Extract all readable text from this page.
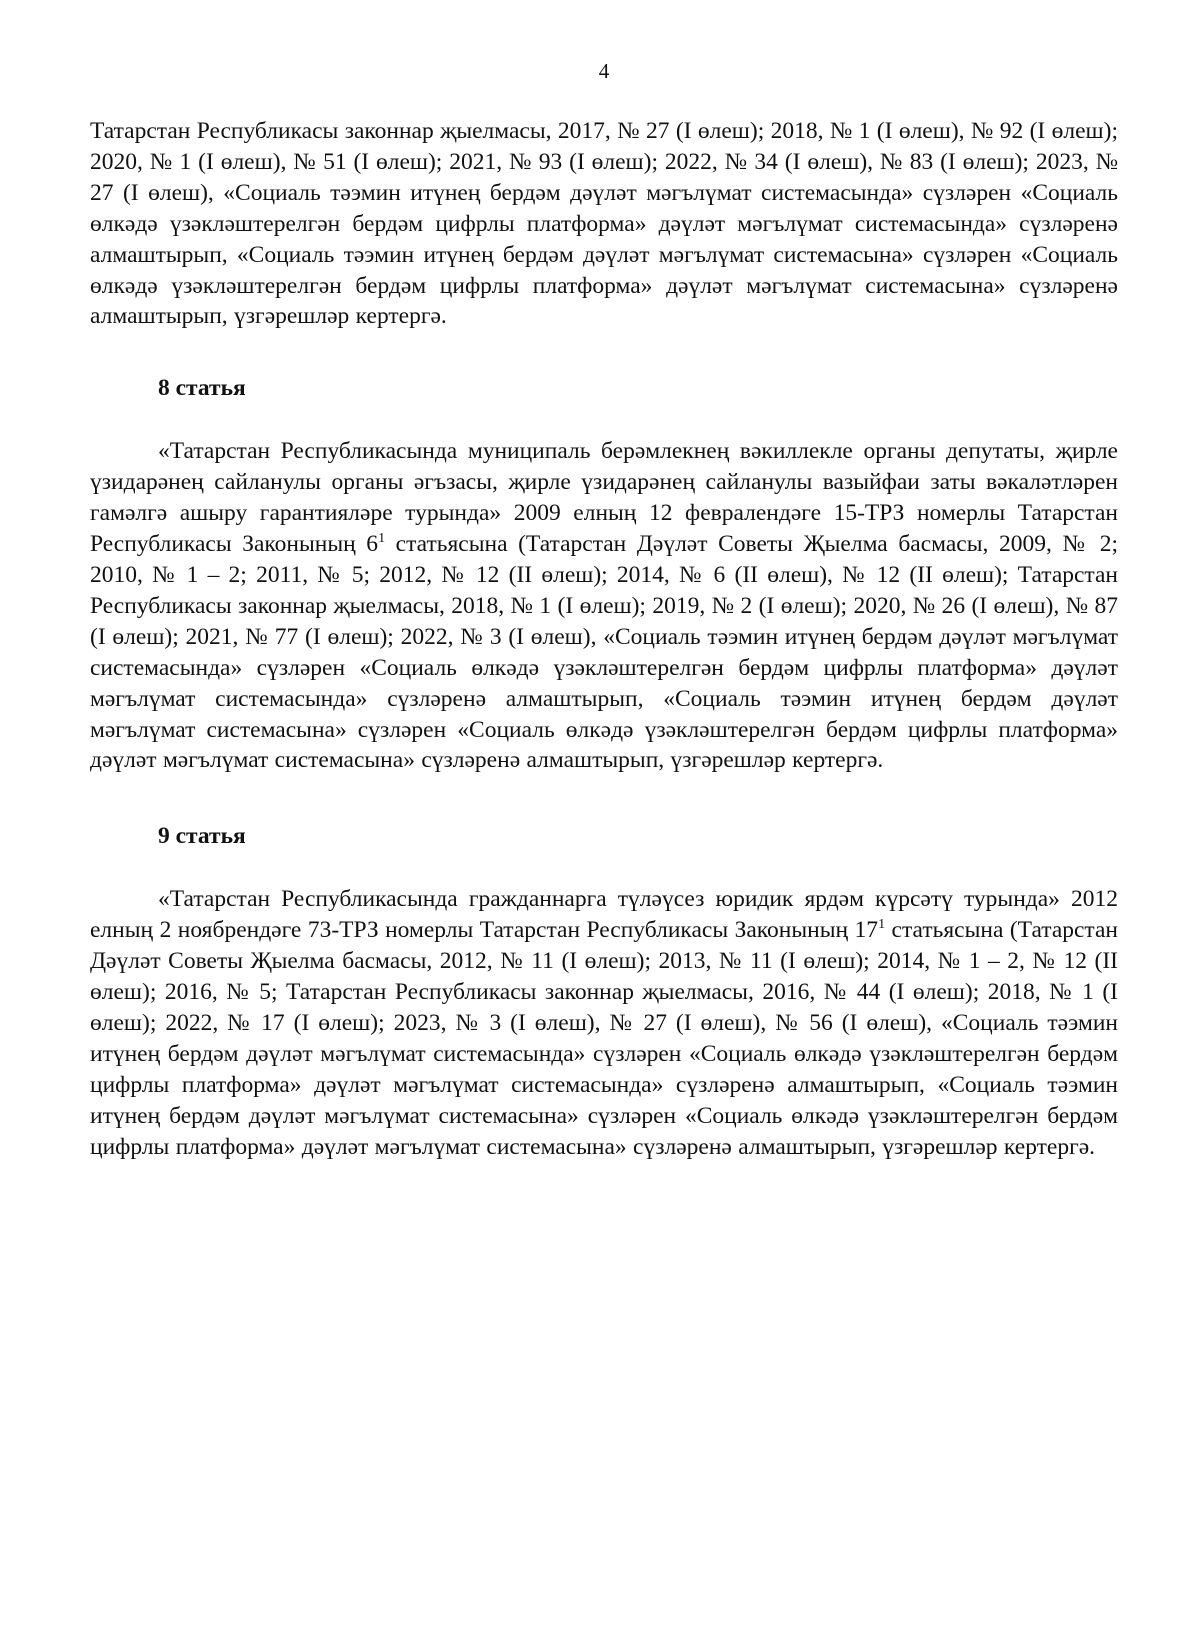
4

Татарстан Республикасы законнар җыелмасы, 2017, № 27 (I өлеш); 2018, № 1 (I өлеш), № 92 (I өлеш); 2020, № 1 (I өлеш), № 51 (I өлеш); 2021, № 93 (I өлеш); 2022, № 34 (I өлеш), № 83 (I өлеш); 2023, № 27 (I өлеш), «Социаль тәэмин итүнең бердәм дәүләт мәгълүмат системасында» сүзләрен «Социаль өлкәдә үзәкләштерелгән бердәм цифрлы платформа» дәүләт мәгълүмат системасында» сүзләренә алмаштырып, «Социаль тәэмин итүнең бердәм дәүләт мәгълүмат системасына» сүзләрен «Социаль өлкәдә үзәкләштерелгән бердәм цифрлы платформа» дәүләт мәгълүмат системасына» сүзләренә алмаштырып, үзгәрешләр кертергә.

8 статья

«Татарстан Республикасында муниципаль берәмлекнең вәкиллекле органы депутаты, җирле үзидарәнең сайланулы органы әгъзасы, җирле үзидарәнең сайланулы вазыйфаи заты вәкаләтләрен гамәлгә ашыру гарантияләре турында» 2009 елның 12 февралендәге 15-ТРЗ номерлы Татарстан Республикасы Законының $6^1$ статьясына (Татарстан Дәүләт Советы Җыелма басмасы, 2009, № 2; 2010, № 1 – 2; 2011, № 5; 2012, № 12 (II өлеш); 2014, № 6 (II өлеш), № 12 (II өлеш); Татарстан Республикасы законнар җыелмасы, 2018, № 1 (I өлеш); 2019, № 2 (I өлеш); 2020, № 26 (I өлеш), № 87 (I өлеш); 2021, № 77 (I өлеш); 2022, № 3 (I өлеш), «Социаль тәэмин итүнең бердәм дәүләт мәгълүмат системасында» сүзләрен «Социаль өлкәдә үзәкләштерелгән бердәм цифрлы платформа» дәүләт мәгълүмат системасында» сүзләренә алмаштырып, «Социаль тәэмин итүнең бердәм дәүләт мәгълүмат системасына» сүзләрен «Социаль өлкәдә үзәкләштерелгән бердәм цифрлы платформа» дәүләт мәгълүмат системасына» сүзләренә алмаштырып, үзгәрешләр кертергә.

9 статья

«Татарстан Республикасында гражданнарга түләүсез юридик ярдәм күрсәтү турында» 2012 елның 2 ноябрендәге 73-ТРЗ номерлы Татарстан Республикасы Законының $17^1$ статьясына (Татарстан Дәүләт Советы Җыелма басмасы, 2012, № 11 (I өлеш); 2013, № 11 (I өлеш); 2014, № 1 – 2, № 12 (II өлеш); 2016, № 5; Татарстан Республикасы законнар җыелмасы, 2016, № 44 (I өлеш); 2018, № 1 (I өлеш); 2022, № 17 (I өлеш); 2023, № 3 (I өлеш), № 27 (I өлеш), № 56 (I өлеш), «Социаль тәэмин итүнең бердәм дәүләт мәгълүмат системасында» сүзләрен «Социаль өлкәдә үзәкләштерелгән бердәм цифрлы платформа» дәүләт мәгълүмат системасында» сүзләренә алмаштырып, «Социаль тәэмин итүнең бердәм дәүләт мәгълүмат системасына» сүзләрен «Социаль өлкәдә үзәкләштерелгән бердәм цифрлы платформа» дәүләт мәгълүмат системасына» сүзләренә алмаштырып, үзгәрешләр кертергә.
